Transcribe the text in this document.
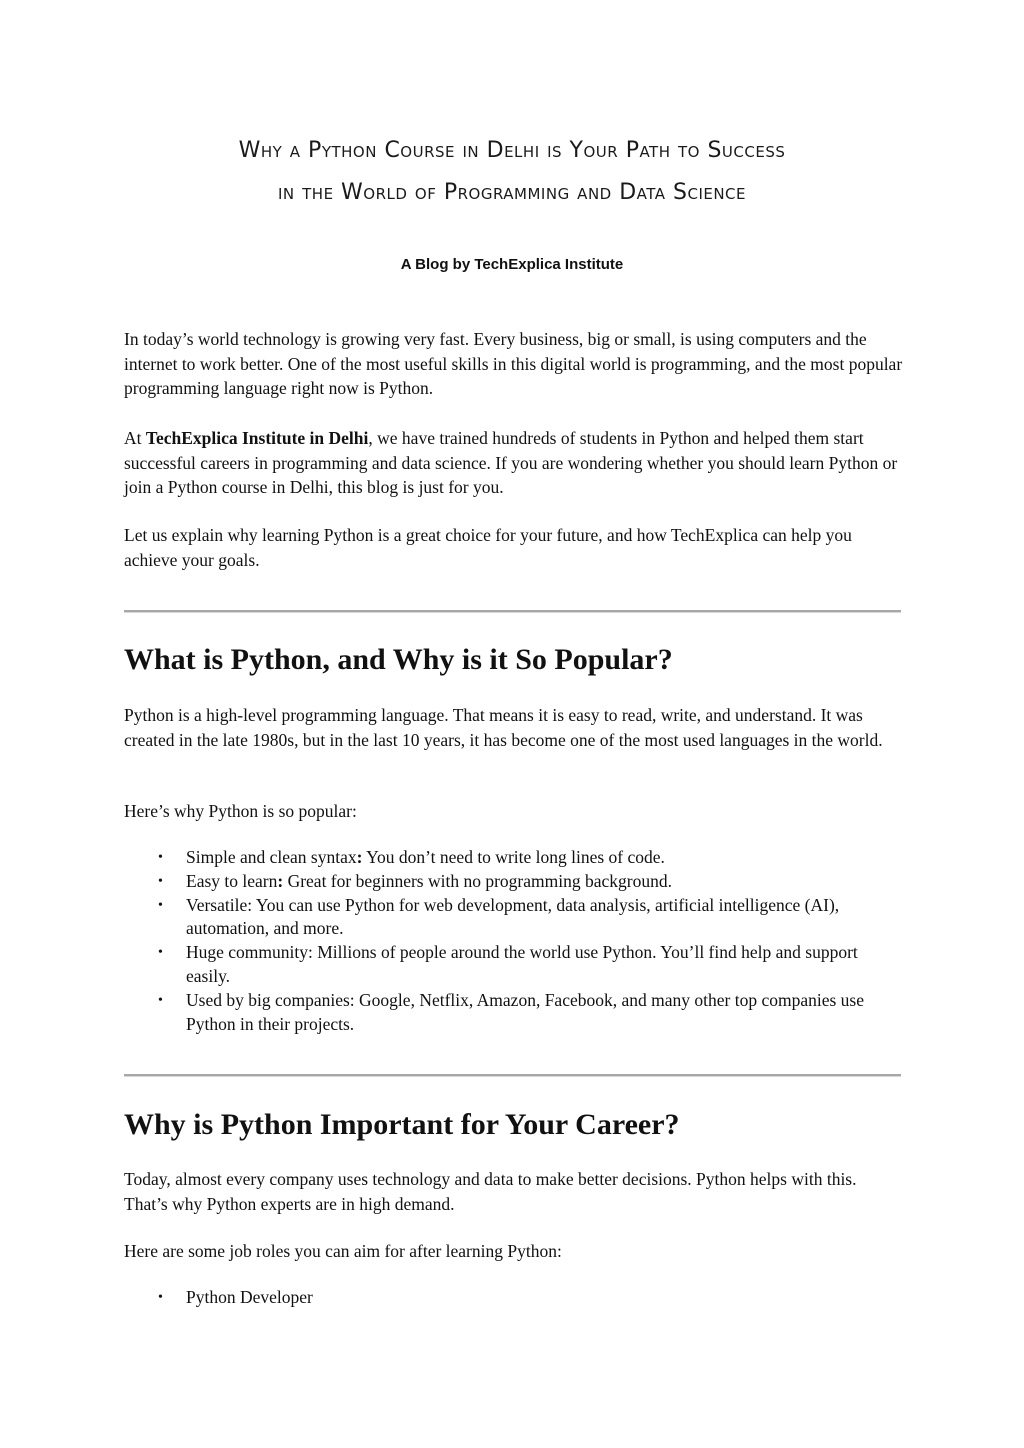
Why a Python Course in Delhi is Your Path to Success
in the World of Programming and Data Science
A Blog by TechExplica Institute

In today’s world technology is growing very fast. Every business, big or small, is using computers and the internet to work better. One of the most useful skills in this digital world is programming, and the most popular programming language right now is Python.

At TechExplica Institute in Delhi, we have trained hundreds of students in Python and helped them start successful careers in programming and data science. If you are wondering whether you should learn Python or join a Python course in Delhi, this blog is just for you.

Let us explain why learning Python is a great choice for your future, and how TechExplica can help you achieve your goals.

What is Python, and Why is it So Popular?

Python is a high-level programming language. That means it is easy to read, write, and understand. It was created in the late 1980s, but in the last 10 years, it has become one of the most used languages in the world.

Here’s why Python is so popular:

• Simple and clean syntax: You don’t need to write long lines of code.
• Easy to learn: Great for beginners with no programming background.
• Versatile: You can use Python for web development, data analysis, artificial intelligence (AI), automation, and more.
• Huge community: Millions of people around the world use Python. You’ll find help and support easily.
• Used by big companies: Google, Netflix, Amazon, Facebook, and many other top companies use Python in their projects.
Why is Python Important for Your Career?

Today, almost every company uses technology and data to make better decisions. Python helps with this. That’s why Python experts are in high demand.

Here are some job roles you can aim for after learning Python:

• Python Developer
